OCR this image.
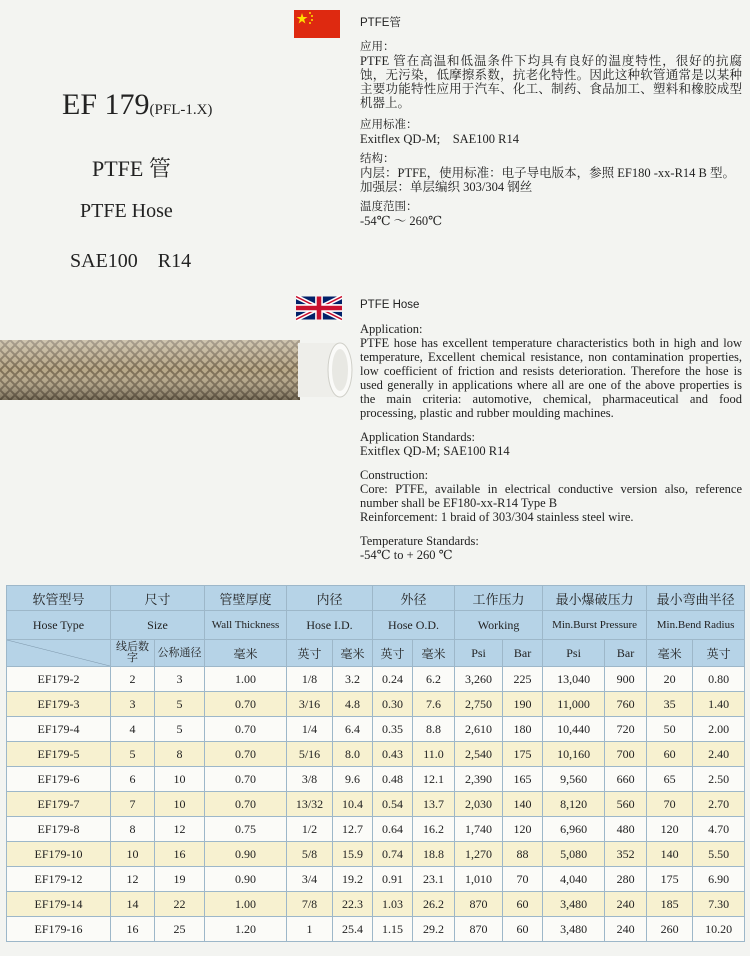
EF 179(PFL-1.X)
PTFE 管
PTFE Hose
SAE100　R14
PTFE管
应用：

PTFE 管在高温和低温条件下均具有良好的温度特性，很好的抗腐蚀，无污染，低摩擦系数，抗老化特性。因此这种软管通常是以某种主要功能特性应用于汽车、化工、制药、食品加工、塑料和橡胶成型机器上。

应用标准：

Exitflex QD-M;　SAE100 R14

结构：

内层：PTFE，使用标准：电子导电版本，参照 EF180 -xx-R14 B 型。

加强层：单层编织 303/304 钢丝

温度范围：

-54℃ ～ 260℃

PTFE Hose

Application:

PTFE hose has excellent temperature characteristics both in high and low temperature, Excellent chemical resistance, non contamination properties, low coefficient of friction and resists deterioration. Therefore the hose is used generally in applications where all are one of the above properties is the main criteria: automotive, chemical, pharmaceutical and food processing, plastic and rubber moulding machines.

Application Standards:

Exitflex QD-M; SAE100 R14

Construction:

Core: PTFE, available in electrical conductive version also, reference number shall be EF180-xx-R14 Type B

Reinforcement: 1 braid of 303/304 stainless steel wire.

Temperature Standards:

-54℃ to + 260 ℃

软管型号	尺寸		管壁厚度	内径		外径		工作压力		最小爆破压力		最小弯曲半径	
Hose Type	Size		Wall Thickness	Hose I.D.		Hose O.D.		Working		Min.Burst Pressure		Min.Bend Radius	

	线后数字	公称通径	毫米	英寸	毫米	英寸	毫米	Psi	Bar	Psi	Bar	毫米	英寸
EF179-2	2	3	1.00	1/8	3.2	0.24	6.2	3,260	225	13,040	900	20	0.80
EF179-3	3	5	0.70	3/16	4.8	0.30	7.6	2,750	190	11,000	760	35	1.40
EF179-4	4	5	0.70	1/4	6.4	0.35	8.8	2,610	180	10,440	720	50	2.00
EF179-5	5	8	0.70	5/16	8.0	0.43	11.0	2,540	175	10,160	700	60	2.40
EF179-6	6	10	0.70	3/8	9.6	0.48	12.1	2,390	165	9,560	660	65	2.50
EF179-7	7	10	0.70	13/32	10.4	0.54	13.7	2,030	140	8,120	560	70	2.70
EF179-8	8	12	0.75	1/2	12.7	0.64	16.2	1,740	120	6,960	480	120	4.70
EF179-10	10	16	0.90	5/8	15.9	0.74	18.8	1,270	88	5,080	352	140	5.50
EF179-12	12	19	0.90	3/4	19.2	0.91	23.1	1,010	70	4,040	280	175	6.90
EF179-14	14	22	1.00	7/8	22.3	1.03	26.2	870	60	3,480	240	185	7.30
EF179-16	16	25	1.20	1	25.4	1.15	29.2	870	60	3,480	240	260	10.20
